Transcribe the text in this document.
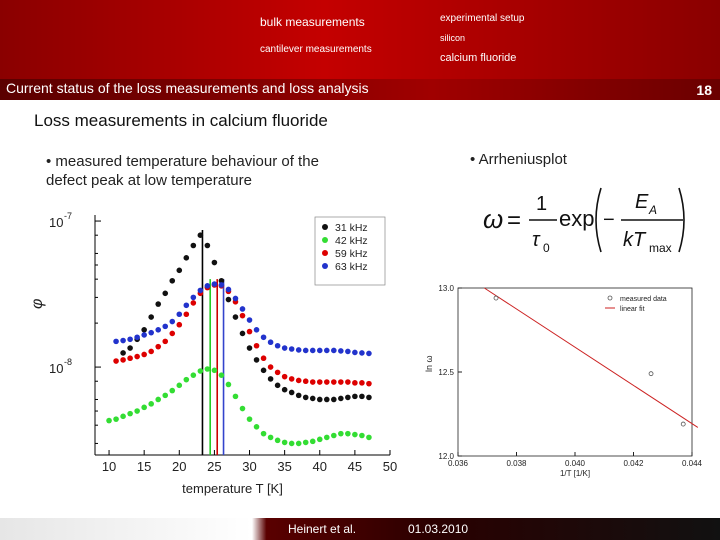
bulk measurements
cantilever measurements
experimental setup
silicon
calcium fluoride
Current status of the loss measurements and loss analysis	18
Loss measurements in calcium fluoride
• measured temperature behaviour of the defect peak at low temperature
• Arrheniusplot
ω =
1
τ 0
exp −
E A
kT max
10 15 20 25 30 35 40 45 50
10 -7
10 -8
temperature T [K]
φ
31 kHz
42 kHz
59 kHz
63 kHz
0.036	0.038	0.040	0.042	0.044
12.0
12.5
13.0
1/T [1/K]
ln ω
measured data
linear fit
Heinert et al.	01.03.2010
